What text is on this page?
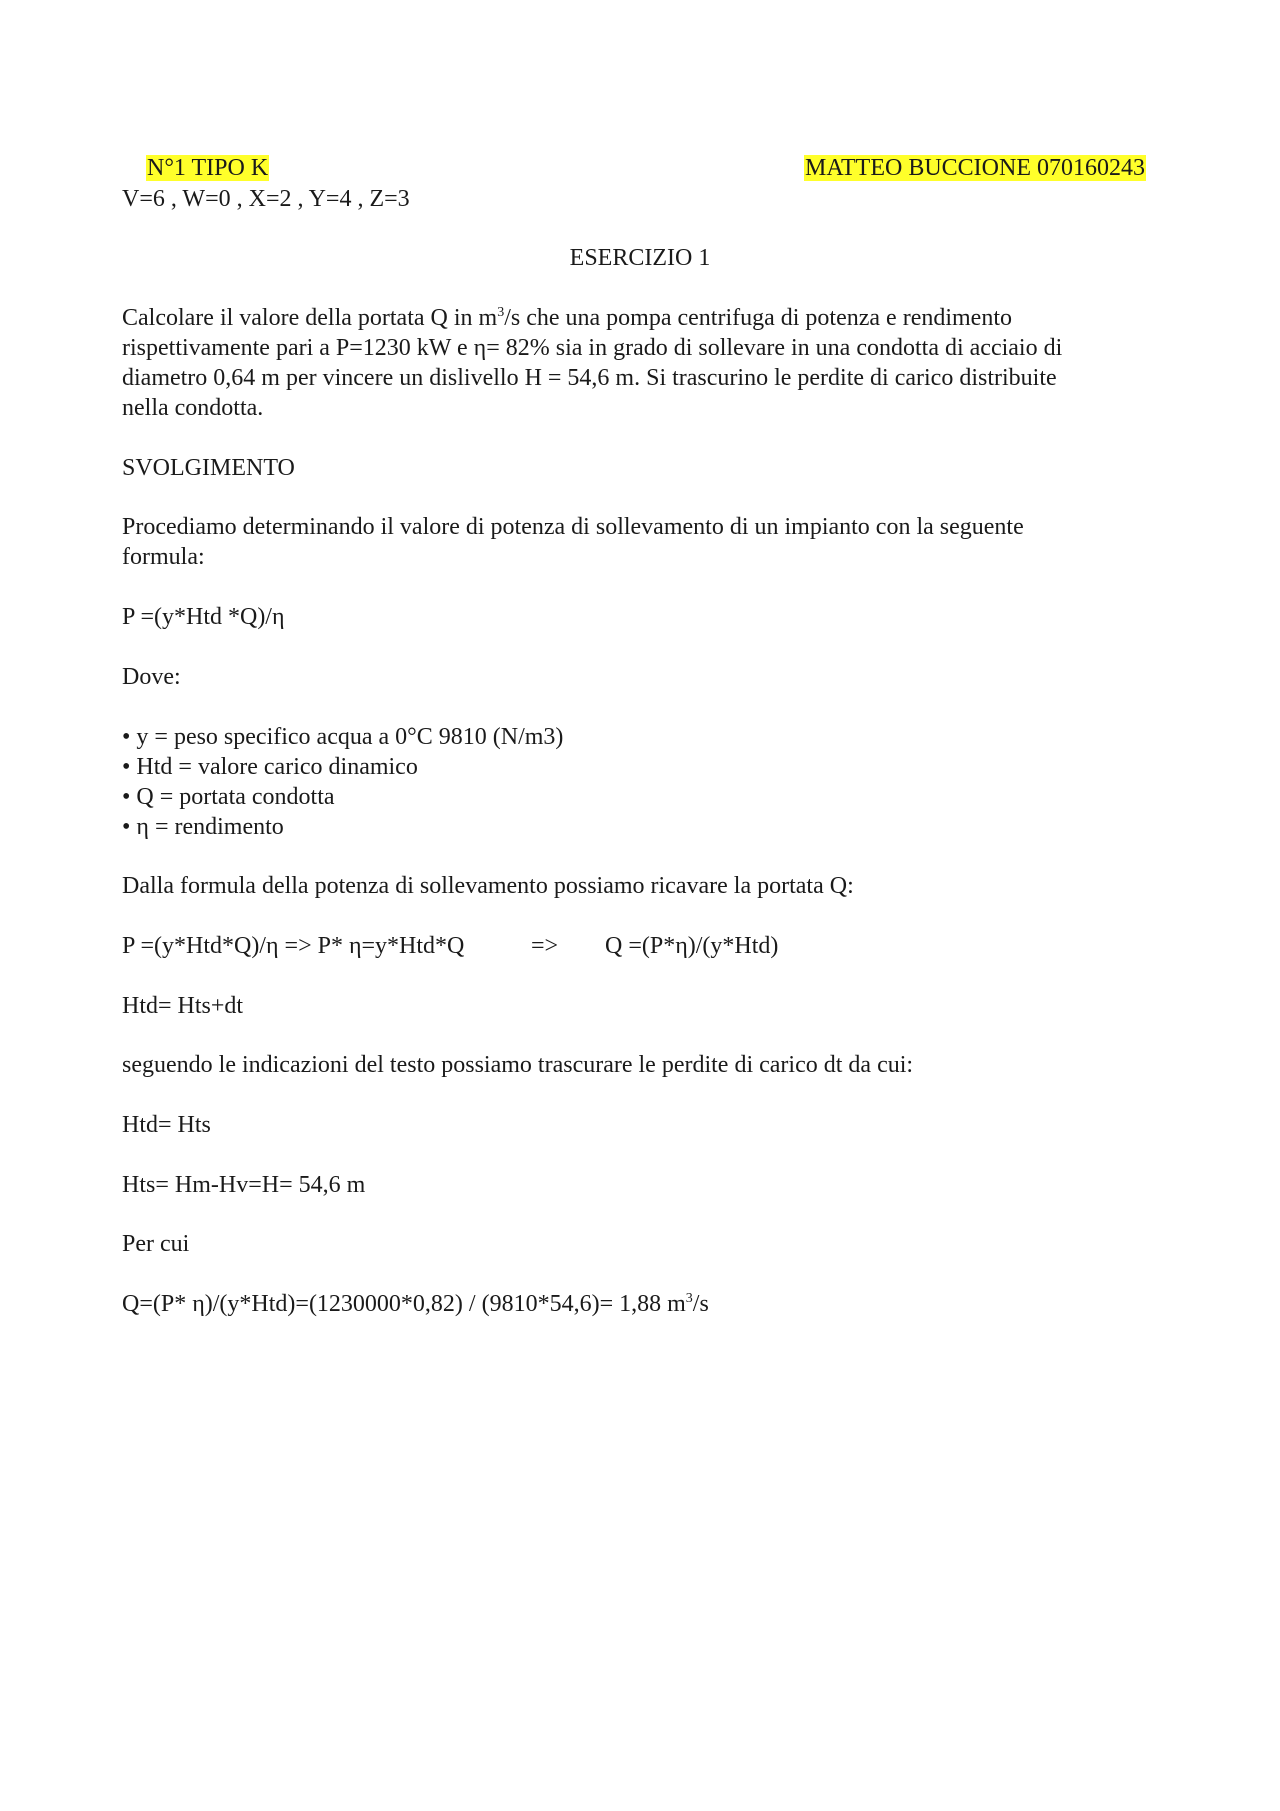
N°1 TIPO K
	MATTEO BUCCIONE 070160243

V=6 , W=0 , X=2 , Y=4 , Z=3
ESERCIZIO 1
Calcolare il valore della portata Q in $m^3/s$ che una pompa centrifuga di potenza e rendimento
rispettivamente pari a P=1230 kW e η= 82% sia in grado di sollevare in una condotta di acciaio di
diametro 0,64 m per vincere un dislivello H = 54,6 m. Si trascurino le perdite di carico distribuite
nella condotta.
SVOLGIMENTO
Procediamo determinando il valore di potenza di sollevamento di un impianto con la seguente
formula:
P =(y*Htd *Q)/η
Dove:
• y = peso specifico acqua a 0°C 9810 (N/m3)
• Htd = valore carico dinamico
• Q = portata condotta
• η = rendimento
Dalla formula della potenza di sollevamento possiamo ricavare la portata Q:
P =(y*Htd*Q)/η => P* η=y*Htd*Q	=> Q =(P*η)/(y*Htd)
Htd= Hts+dt
seguendo le indicazioni del testo possiamo trascurare le perdite di carico dt da cui:
Htd= Hts
Hts= Hm-Hv=H= 54,6 m
Per cui
Q=(P* η)/(y*Htd)=(1230000*0,82) / (9810*54,6)= 1,88 $m^3/s$
